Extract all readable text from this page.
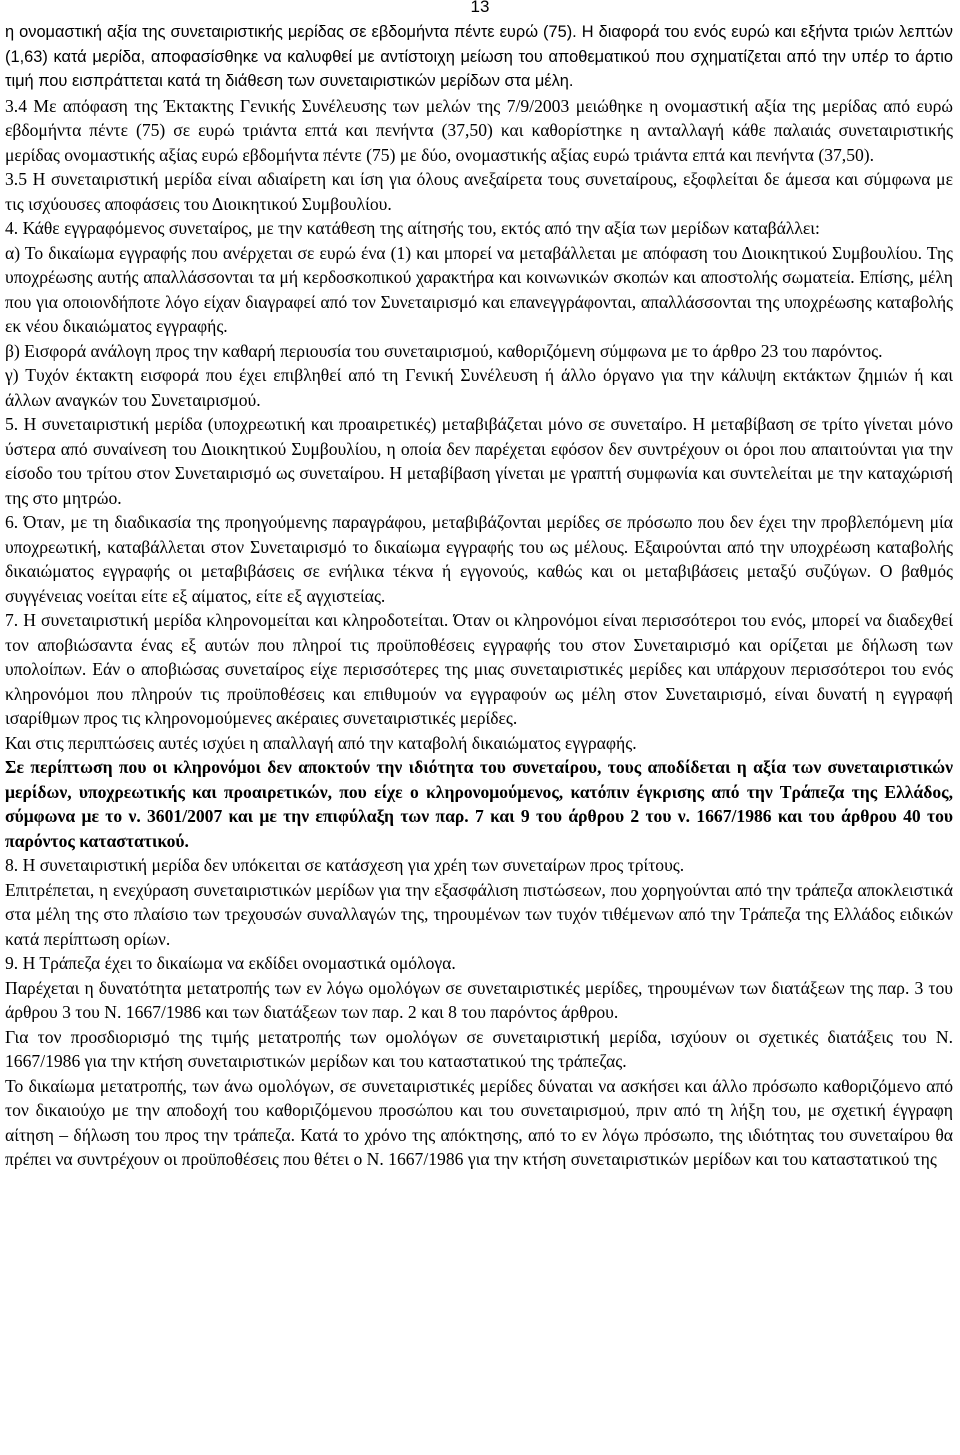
13

η ονομαστική αξία της συνεταιριστικής μερίδας σε εβδομήντα πέντε ευρώ (75). Η διαφορά του ενός ευρώ και εξήντα τριών λεπτών (1,63) κατά μερίδα, αποφασίσθηκε να καλυφθεί με αντίστοιχη μείωση του αποθεματικού που σχηματίζεται από την υπέρ το άρτιο τιμή που εισπράττεται κατά τη διάθεση των συνεταιριστικών μερίδων στα μέλη.

3.4 Με απόφαση της Έκτακτης Γενικής Συνέλευσης των μελών της 7/9/2003 μειώθηκε η ονομαστική αξία της μερίδας από ευρώ εβδομήντα πέντε (75) σε ευρώ τριάντα επτά και πενήντα (37,50) και καθορίστηκε η ανταλλαγή κάθε παλαιάς συνεταιριστικής μερίδας ονομαστικής αξίας ευρώ εβδομήντα πέντε (75) με δύο, ονομαστικής αξίας ευρώ τριάντα επτά και πενήντα (37,50).

3.5 Η συνεταιριστική μερίδα είναι αδιαίρετη και ίση για όλους ανεξαίρετα τους συνεταίρους, εξοφλείται δε άμεσα και σύμφωνα με τις ισχύουσες αποφάσεις του Διοικητικού Συμβουλίου.

4. Κάθε εγγραφόμενος συνεταίρος, με την κατάθεση της αίτησής του, εκτός από την αξία των μερίδων καταβάλλει:

α) Το δικαίωμα εγγραφής που ανέρχεται σε ευρώ ένα (1) και μπορεί να μεταβάλλεται με απόφαση του Διοικητικού Συμβουλίου. Της υποχρέωσης αυτής απαλλάσσονται τα μή κερδοσκοπικού χαρακτήρα και κοινωνικών σκοπών και αποστολής σωματεία. Επίσης, μέλη που για οποιονδήποτε λόγο είχαν διαγραφεί από τον Συνεταιρισμό και επανεγγράφονται, απαλλάσσονται της υποχρέωσης καταβολής εκ νέου δικαιώματος εγγραφής.

β) Εισφορά ανάλογη προς την καθαρή περιουσία του συνεταιρισμού, καθοριζόμενη σύμφωνα με το άρθρο 23 του παρόντος.

γ) Τυχόν έκτακτη εισφορά που έχει επιβληθεί από τη Γενική Συνέλευση ή άλλο όργανο για την κάλυψη εκτάκτων ζημιών ή και άλλων αναγκών του Συνεταιρισμού.

5. Η συνεταιριστική μερίδα (υποχρεωτική και προαιρετικές) μεταβιβάζεται μόνο σε συνεταίρο. Η μεταβίβαση σε τρίτο γίνεται μόνο ύστερα από συναίνεση του Διοικητικού Συμβουλίου, η οποία δεν παρέχεται εφόσον δεν συντρέχουν οι όροι που απαιτούνται για την είσοδο του τρίτου στον Συνεταιρισμό ως συνεταίρου. Η μεταβίβαση γίνεται με γραπτή συμφωνία και συντελείται με την καταχώρισή της στο μητρώο.

6. Όταν, με τη διαδικασία της προηγούμενης παραγράφου, μεταβιβάζονται μερίδες σε πρόσωπο που δεν έχει την προβλεπόμενη μία υποχρεωτική, καταβάλλεται στον Συνεταιρισμό το δικαίωμα εγγραφής του ως μέλους. Εξαιρούνται από την υποχρέωση καταβολής δικαιώματος εγγραφής οι μεταβιβάσεις σε ενήλικα τέκνα ή εγγονούς, καθώς και οι μεταβιβάσεις μεταξύ συζύγων. Ο βαθμός συγγένειας νοείται είτε εξ αίματος, είτε εξ αγχιστείας.

7. Η συνεταιριστική μερίδα κληρονομείται και κληροδοτείται. Όταν οι κληρονόμοι είναι περισσότεροι του ενός, μπορεί να διαδεχθεί τον αποβιώσαντα ένας εξ αυτών που πληροί τις προϋποθέσεις εγγραφής του στον Συνεταιρισμό και ορίζεται με δήλωση των υπολοίπων. Εάν ο αποβιώσας συνεταίρος είχε περισσότερες της μιας συνεταιριστικές μερίδες και υπάρχουν περισσότεροι του ενός κληρονόμοι που πληρούν τις προϋποθέσεις και επιθυμούν να εγγραφούν ως μέλη στον Συνεταιρισμό, είναι δυνατή η εγγραφή ισαρίθμων προς τις κληρονομούμενες ακέραιες συνεταιριστικές μερίδες.

Και στις περιπτώσεις αυτές ισχύει η απαλλαγή από την καταβολή δικαιώματος εγγραφής.

Σε περίπτωση που οι κληρονόμοι δεν αποκτούν την ιδιότητα του συνεταίρου, τους αποδίδεται η αξία των συνεταιριστικών μερίδων, υποχρεωτικής και προαιρετικών, που είχε ο κληρονομούμενος, κατόπιν έγκρισης από την Τράπεζα της Ελλάδος, σύμφωνα με το ν. 3601/2007 και με την επιφύλαξη των παρ. 7 και 9 του άρθρου 2 του ν. 1667/1986 και του άρθρου 40 του παρόντος καταστατικού.

8. Η συνεταιριστική μερίδα δεν υπόκειται σε κατάσχεση για χρέη των συνεταίρων προς τρίτους.

Επιτρέπεται, η ενεχύραση συνεταιριστικών μερίδων για την εξασφάλιση πιστώσεων, που χορηγούνται από την τράπεζα αποκλειστικά στα μέλη της στο πλαίσιο των τρεχουσών συναλλαγών της, τηρουμένων των τυχόν τιθέμενων από την Τράπεζα της Ελλάδος ειδικών κατά περίπτωση ορίων.

9. Η Τράπεζα έχει το δικαίωμα να εκδίδει ονομαστικά ομόλογα.

Παρέχεται η δυνατότητα μετατροπής των εν λόγω ομολόγων σε συνεταιριστικές μερίδες, τηρουμένων των διατάξεων της παρ. 3 του άρθρου 3 του Ν. 1667/1986 και των διατάξεων των παρ. 2 και 8 του παρόντος άρθρου.

Για τον προσδιορισμό της τιμής μετατροπής των ομολόγων σε συνεταιριστική μερίδα, ισχύουν οι σχετικές διατάξεις του Ν. 1667/1986 για την κτήση συνεταιριστικών μερίδων και του καταστατικού της τράπεζας.

Το δικαίωμα μετατροπής, των άνω ομολόγων, σε συνεταιριστικές μερίδες δύναται να ασκήσει και άλλο πρόσωπο καθοριζόμενο από τον δικαιούχο με την αποδοχή του καθοριζόμενου προσώπου και του συνεταιρισμού, πριν από τη λήξη του, με σχετική έγγραφη αίτηση – δήλωση του προς την τράπεζα. Κατά το χρόνο της απόκτησης, από το εν λόγω πρόσωπο, της ιδιότητας του συνεταίρου θα πρέπει να συντρέχουν οι προϋποθέσεις που θέτει ο Ν. 1667/1986 για την κτήση συνεταιριστικών μερίδων και του καταστατικού της
